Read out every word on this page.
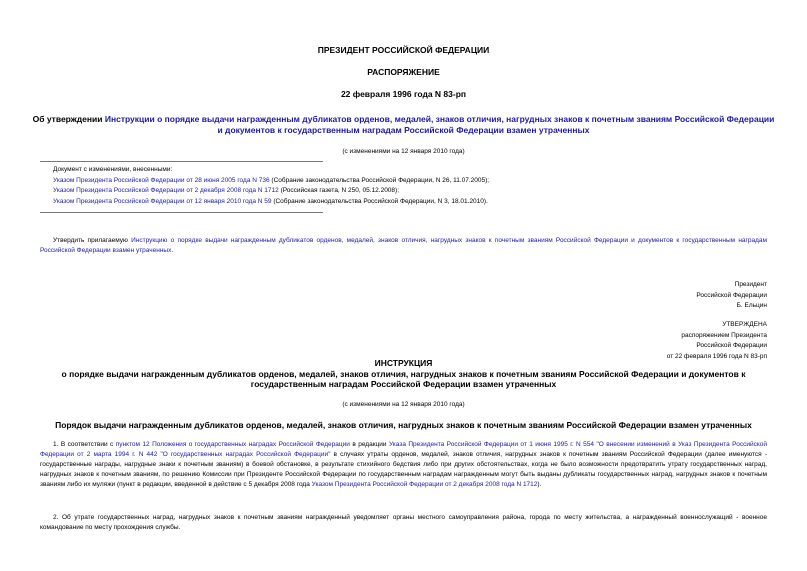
ПРЕЗИДЕНТ РОССИЙСКОЙ ФЕДЕРАЦИИ
РАСПОРЯЖЕНИЕ
22 февраля 1996 года N 83-рп
Об утверждении Инструкции о порядке выдачи награжденным дубликатов орденов, медалей, знаков отличия, нагрудных знаков к почетным званиям Российской Федерации и документов к государственным наградам Российской Федерации взамен утраченных
(с изменениями на 12 января 2010 года)
Документ с изменениями, внесенными:
Указом Президента Российской Федерации от 28 июня 2005 года N 736 (Собрание законодательства Российской Федерации, N 26, 11.07.2005);
Указом Президента Российской Федерации от 2 декабря 2008 года N 1712 (Российская газета, N 250, 05.12.2008);
Указом Президента Российской Федерации от 12 января 2010 года N 59 (Собрание законодательства Российской Федерации, N 3, 18.01.2010).
Утвердить прилагаемую Инструкцию о порядке выдачи награжденным дубликатов орденов, медалей, знаков отличия, нагрудных знаков к почетным званиям Российской Федерации и документов к государственным наградам Российской Федерации взамен утраченных.
Президент
Российской Федерации
Б. Ельцин
УТВЕРЖДЕНА
распоряжением Президента
Российской Федерации
от 22 февраля 1996 года N 83-рп
ИНСТРУКЦИЯ
о порядке выдачи награжденным дубликатов орденов, медалей, знаков отличия, нагрудных знаков к почетным званиям Российской Федерации и документов к государственным наградам Российской Федерации взамен утраченных
(с изменениями на 12 января 2010 года)
Порядок выдачи награжденным дубликатов орденов, медалей, знаков отличия, нагрудных знаков к почетным званиям Российской Федерации взамен утраченных
1. В соответствии с пунктом 12 Положения о государственных наградах Российской Федерации в редакции Указа Президента Российской Федерации от 1 июня 1995 г. N 554 "О внесении изменений в Указ Президента Российской Федерации от 2 марта 1994 г. N 442 "О государственных наградах Российской Федерации" в случаях утраты орденов, медалей, знаков отличия, нагрудных знаков к почетным званиям Российской Федерации (далее именуются - государственные награды, нагрудные знаки к почетным званиям) в боевой обстановке, в результате стихийного бедствия либо при других обстоятельствах, когда не было возможности предотвратить утрату государственных наград, нагрудных знаков к почетным званиям, по решению Комиссии при Президенте Российской Федерации по государственным наградам награжденным могут быть выданы дубликаты государственных наград, нагрудных знаков к почетным званиям либо их муляжи (пункт в редакции, введенной в действие с 5 декабря 2008 года Указом Президента Российской Федерации от 2 декабря 2008 года N 1712).
2. Об утрате государственных наград, нагрудных знаков к почетным званиям награжденный уведомляет органы местного самоуправления района, города по месту жительства, а награжденный военнослужащий - военное командование по месту прохождения службы.
